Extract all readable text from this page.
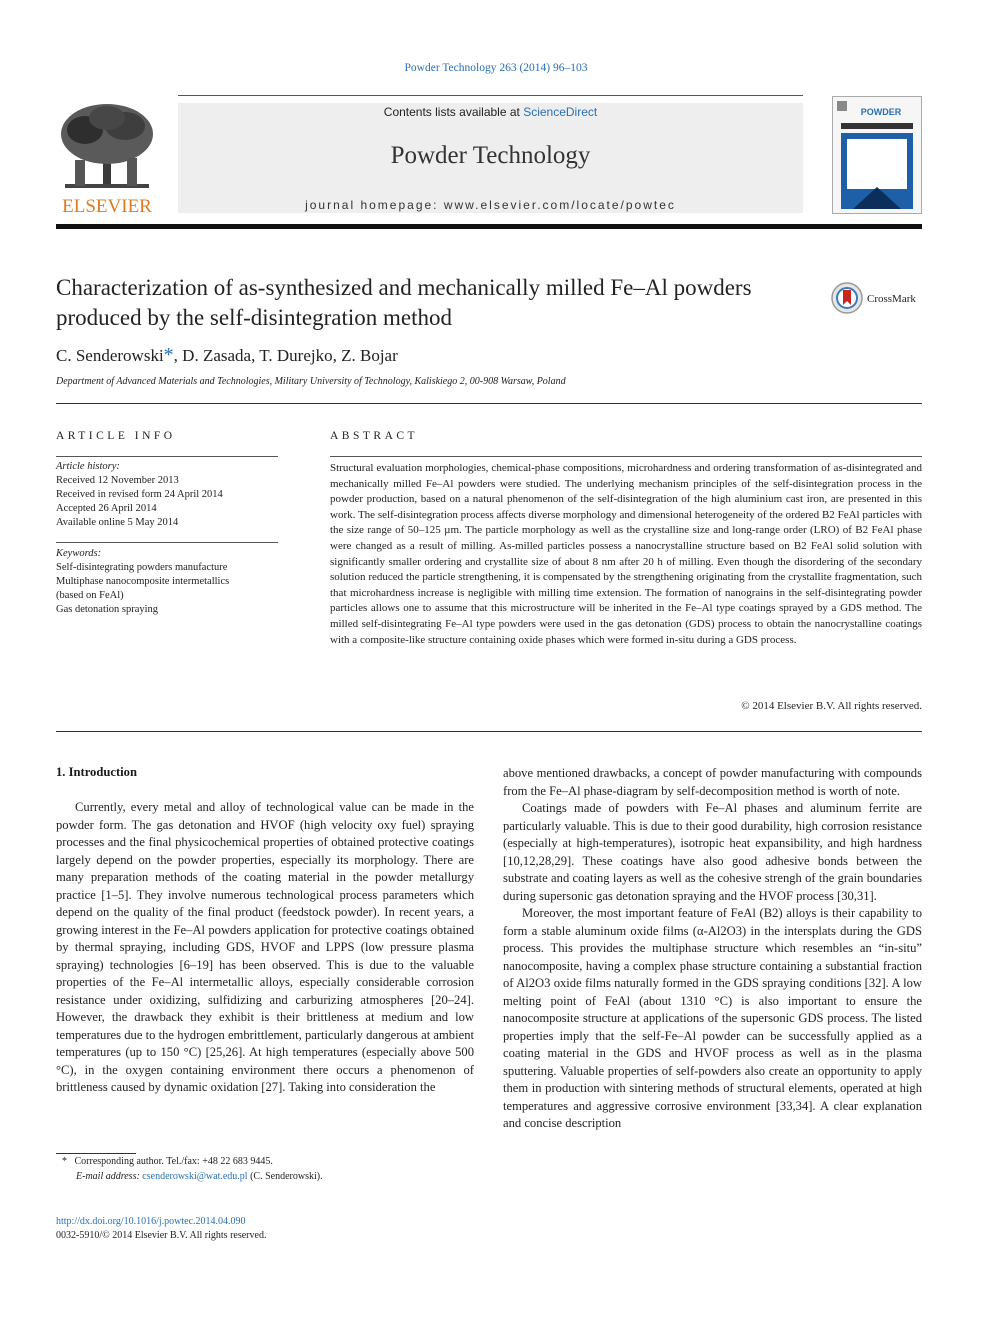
Powder Technology 263 (2014) 96–103
ELSEVIER
Contents lists available at ScienceDirect
Powder Technology
journal homepage: www.elsevier.com/locate/powtec
POWDER
Characterization of as-synthesized and mechanically milled Fe–Al powders produced by the self-disintegration method
CrossMark
C. Senderowski*, D. Zasada, T. Durejko, Z. Bojar
Department of Advanced Materials and Technologies, Military University of Technology, Kaliskiego 2, 00-908 Warsaw, Poland
ARTICLE INFO
Article history:
Received 12 November 2013
Received in revised form 24 April 2014
Accepted 26 April 2014
Available online 5 May 2014
Keywords:
Self-disintegrating powders manufacture
Multiphase nanocomposite intermetallics
(based on FeAl)
Gas detonation spraying
ABSTRACT
Structural evaluation morphologies, chemical-phase compositions, microhardness and ordering transformation of as-disintegrated and mechanically milled Fe–Al powders were studied. The underlying mechanism principles of the self-disintegration process in the powder production, based on a natural phenomenon of the self-disintegration of the high aluminium cast iron, are presented in this work. The self-disintegration process affects diverse morphology and dimensional heterogeneity of the ordered B2 FeAl particles with the size range of 50–125 µm. The particle morphology as well as the crystalline size and long-range order (LRO) of B2 FeAl phase were changed as a result of milling. As-milled particles possess a nanocrystalline structure based on B2 FeAl solid solution with significantly smaller ordering and crystallite size of about 8 nm after 20 h of milling. Even though the disordering of the secondary solution reduced the particle strengthening, it is compensated by the strengthening originating from the crystallite fragmentation, such that microhardness increase is negligible with milling time extension. The formation of nanograins in the self-disintegrating powder particles allows one to assume that this microstructure will be inherited in the Fe–Al type coatings sprayed by a GDS method. The milled self-disintegrating Fe–Al type powders were used in the gas detonation (GDS) process to obtain the nanocrystalline coatings with a composite-like structure containing oxide phases which were formed in-situ during a GDS process.
© 2014 Elsevier B.V. All rights reserved.
1. Introduction

Currently, every metal and alloy of technological value can be made in the powder form. The gas detonation and HVOF (high velocity oxy fuel) spraying processes and the final physicochemical properties of obtained protective coatings largely depend on the powder properties, especially its morphology. There are many preparation methods of the coating material in the powder metallurgy practice [1–5]. They involve numerous technological process parameters which depend on the quality of the final product (feedstock powder). In recent years, a growing interest in the Fe–Al powders application for protective coatings obtained by thermal spraying, including GDS, HVOF and LPPS (low pressure plasma spraying) technologies [6–19] has been observed. This is due to the valuable properties of the Fe–Al intermetallic alloys, especially considerable corrosion resistance under oxidizing, sulfidizing and carburizing atmospheres [20–24]. However, the drawback they exhibit is their brittleness at medium and low temperatures due to the hydrogen embrittlement, particularly dangerous at ambient temperatures (up to 150 °C) [25,26]. At high temperatures (especially above 500 °C), in the oxygen containing environment there occurs a phenomenon of brittleness caused by dynamic oxidation [27]. Taking into consideration the

above mentioned drawbacks, a concept of powder manufacturing with compounds from the Fe–Al phase-diagram by self-decomposition method is worth of note.

Coatings made of powders with Fe–Al phases and aluminum ferrite are particularly valuable. This is due to their good durability, high corrosion resistance (especially at high-temperatures), isotropic heat expansibility, and high hardness [10,12,28,29]. These coatings have also good adhesive bonds between the substrate and coating layers as well as the cohesive strengh of the grain boundaries during supersonic gas detonation spraying and the HVOF process [30,31].

Moreover, the most important feature of FeAl (B2) alloys is their capability to form a stable aluminum oxide films (α-Al2O3) in the intersplats during the GDS process. This provides the multiphase structure which resembles an “in-situ” nanocomposite, having a complex phase structure containing a substantial fraction of Al2O3 oxide films naturally formed in the GDS spraying conditions [32]. A low melting point of FeAl (about 1310 °C) is also important to ensure the nanocomposite structure at applications of the supersonic GDS process. The listed properties imply that the self-Fe–Al powder can be successfully applied as a coating material in the GDS and HVOF process as well as in the plasma sputtering. Valuable properties of self-powders also create an opportunity to apply them in production with sintering methods of structural elements, operated at high temperatures and aggressive corrosive environment [33,34]. A clear explanation and concise description

* Corresponding author. Tel./fax: +48 22 683 9445.
E-mail address: csenderowski@wat.edu.pl (C. Senderowski).
http://dx.doi.org/10.1016/j.powtec.2014.04.090
0032-5910/© 2014 Elsevier B.V. All rights reserved.
